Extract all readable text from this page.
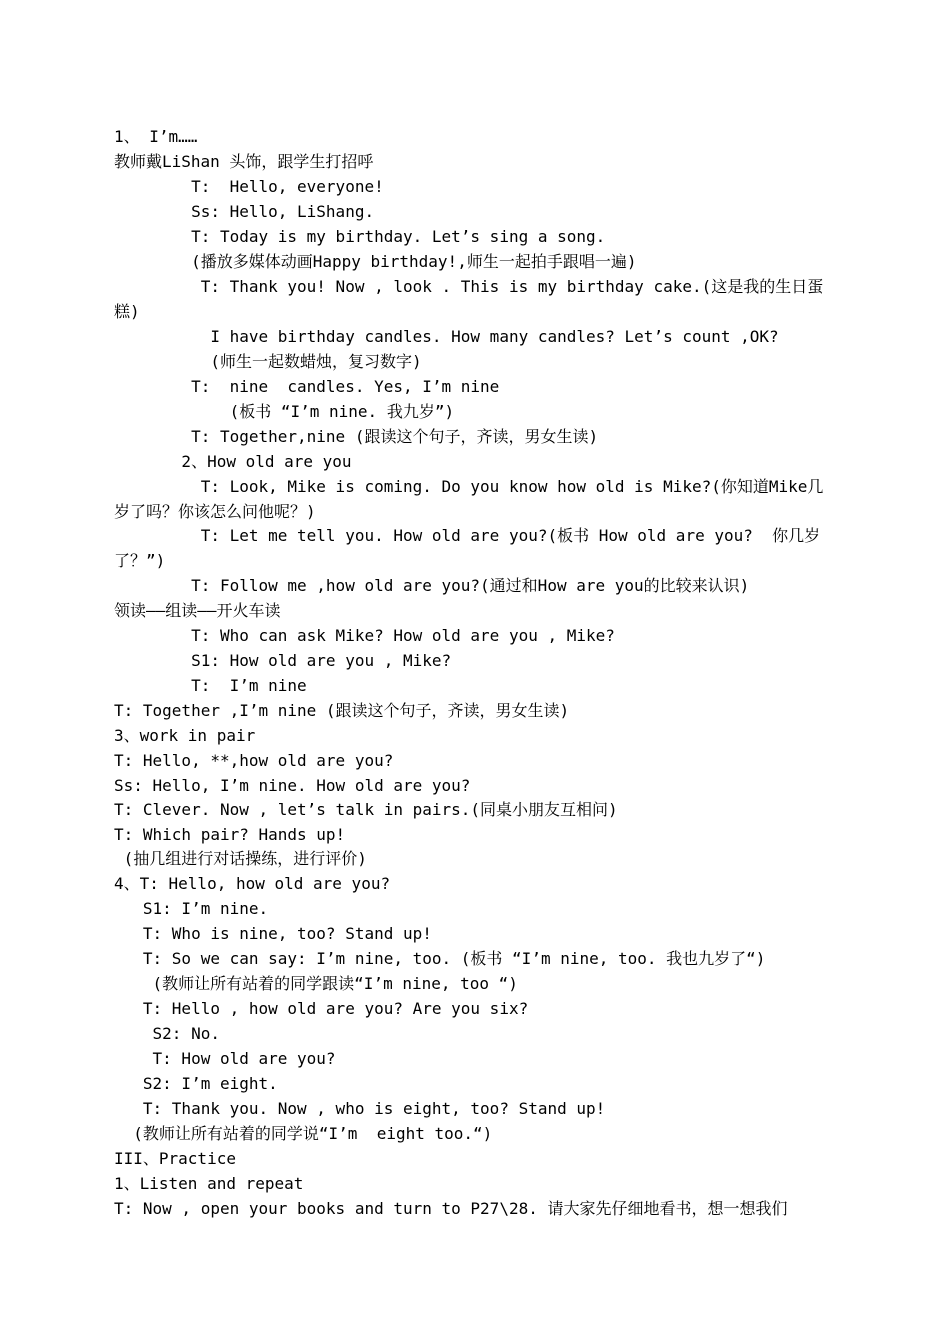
1、 I’m……
教师戴LiShan 头饰，跟学生打招呼
T:  Hello, everyone!
Ss: Hello, LiShang.
T: Today is my birthday. Let’s sing a song.
(播放多媒体动画Happy birthday!,师生一起拍手跟唱一遍)
T: Thank you! Now , look . This is my birthday cake.(这是我的生日蛋
糕)
I have birthday candles. How many candles? Let’s count ,OK?
(师生一起数蜡烛，复习数字)
T:  nine  candles. Yes, I’m nine
(板书 “I’m nine. 我九岁”)
T: Together,nine (跟读这个句子，齐读，男女生读)
2、How old are you
T: Look, Mike is coming. Do you know how old is Mike?(你知道Mike几
岁了吗？你该怎么问他呢？)
T: Let me tell you. How old are you?(板书 How old are you?  你几岁
了？”)
T: Follow me ,how old are you?(通过和How are you的比较来认识)
领读——组读——开火车读
T: Who can ask Mike? How old are you , Mike?
S1: How old are you , Mike?
T:  I’m nine
T: Together ,I’m nine (跟读这个句子，齐读，男女生读)
3、work in pair
T: Hello, **,how old are you?
Ss: Hello, I’m nine. How old are you?
T: Clever. Now , let’s talk in pairs.(同桌小朋友互相问)
T: Which pair? Hands up!
(抽几组进行对话操练，进行评价)
4、T: Hello, how old are you?
S1: I’m nine.
T: Who is nine, too? Stand up!
T: So we can say: I’m nine, too. (板书 “I’m nine, too. 我也九岁了“)
(教师让所有站着的同学跟读“I’m nine, too “)
T: Hello , how old are you? Are you six?
S2: No.
T: How old are you?
S2: I’m eight.
T: Thank you. Now , who is eight, too? Stand up!
(教师让所有站着的同学说“I’m  eight too.“)
III、Practice
1、Listen and repeat
T: Now , open your books and turn to P27\28. 请大家先仔细地看书，想一想我们
